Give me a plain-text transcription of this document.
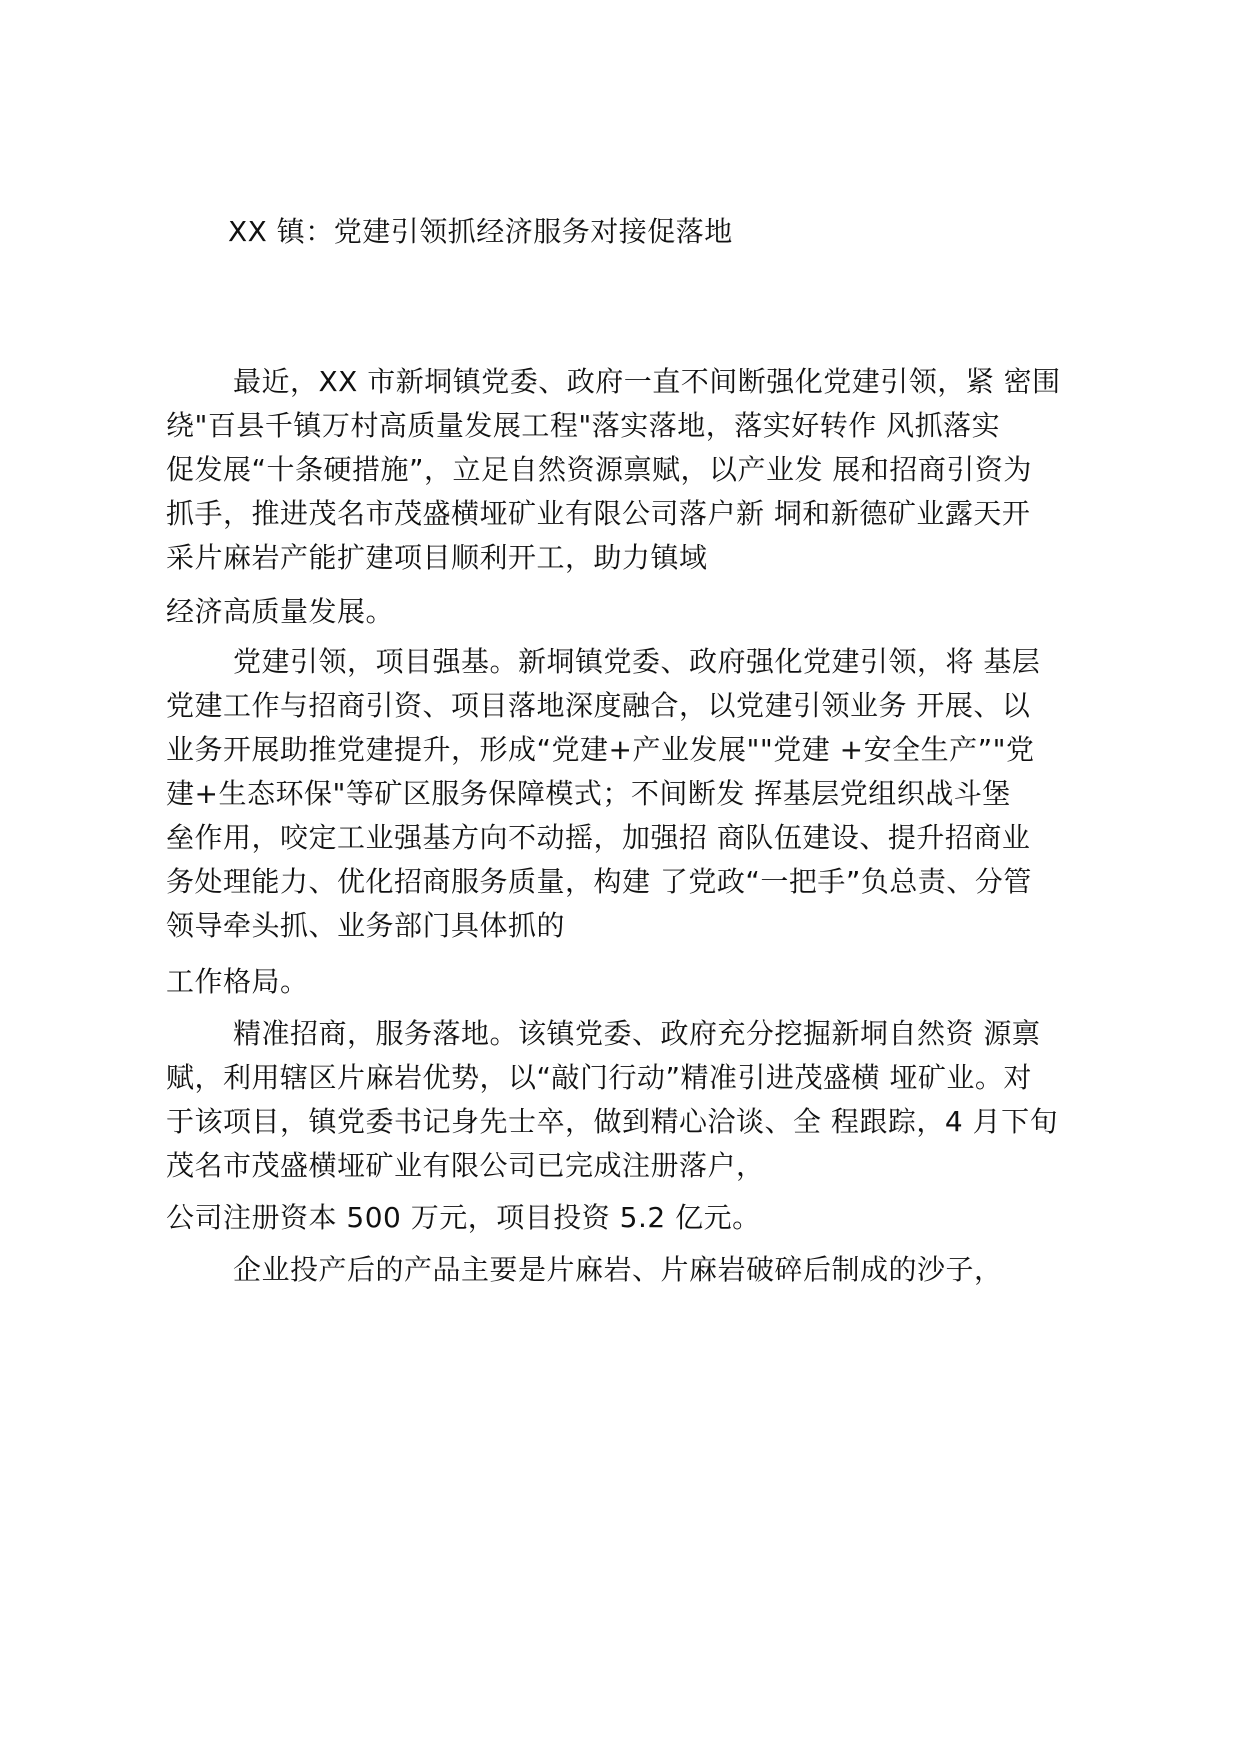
XX 镇：党建引领抓经济服务对接促落地
最近，XX 市新垌镇党委、政府一直不间断强化党建引领，紧 密围
绕"百县千镇万村高质量发展工程"落实落地，落实好转作 风抓落实
促发展“十条硬措施”，立足自然资源禀赋，以产业发 展和招商引资为
抓手，推进茂名市茂盛横垭矿业有限公司落户新 垌和新德矿业露天开
采片麻岩产能扩建项目顺利开工，助力镇域
经济高质量发展。
党建引领，项目强基。新垌镇党委、政府强化党建引领，将 基层
党建工作与招商引资、项目落地深度融合，以党建引领业务 开展、以
业务开展助推党建提升，形成“党建+产业发展""党建 +安全生产”"党
建+生态环保"等矿区服务保障模式；不间断发 挥基层党组织战斗堡
垒作用，咬定工业强基方向不动摇，加强招 商队伍建设、提升招商业
务处理能力、优化招商服务质量，构建 了党政“一把手”负总责、分管
领导牵头抓、业务部门具体抓的
工作格局。
精准招商，服务落地。该镇党委、政府充分挖掘新垌自然资 源禀
赋，利用辖区片麻岩优势，以“敲门行动”精准引进茂盛横 垭矿业。对
于该项目，镇党委书记身先士卒，做到精心洽谈、全 程跟踪，4 月下旬
茂名市茂盛横垭矿业有限公司已完成注册落户，
公司注册资本 500 万元，项目投资 5.2 亿元。
企业投产后的产品主要是片麻岩、片麻岩破碎后制成的沙子，
